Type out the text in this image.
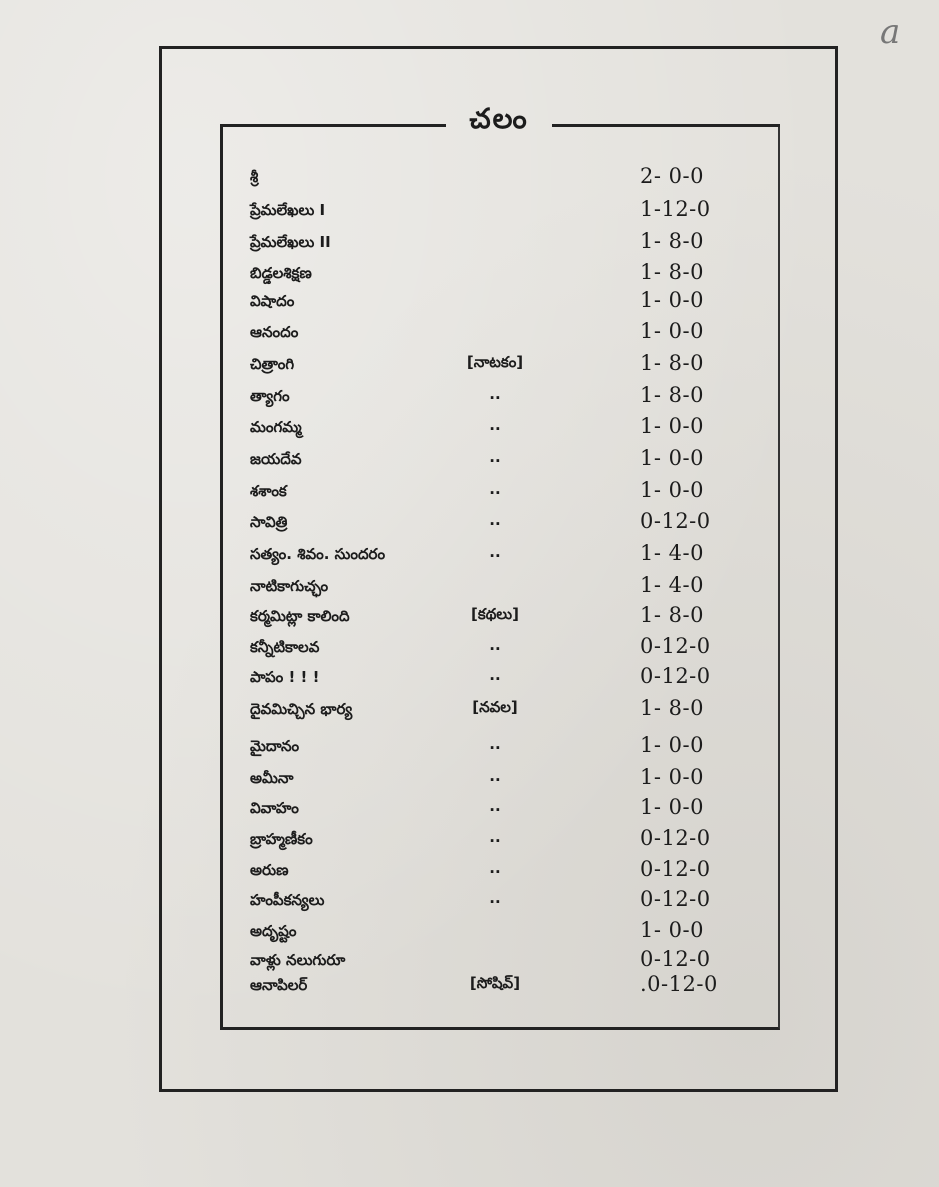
a
చలం
శ్రీ	2- 0-0
ప్రేమలేఖలు I	1-12-0
ప్రేమలేఖలు II	1- 8-0
బిడ్డలశిక్షణ	1- 8-0
విషాదం	1- 0-0
ఆనందం	1- 0-0
చిత్రాంగి	[నాటకం]	1- 8-0
త్యాగం	..	1- 8-0
మంగమ్మ	..	1- 0-0
జయదేవ	..	1- 0-0
శశాంక	..	1- 0-0
సావిత్రి	..	0-12-0
సత్యం. శివం. సుందరం	..	1- 4-0
నాటికాగుచ్ఛం	1- 4-0
కర్మమిట్లా కాలింది	[కథలు]	1- 8-0
కన్నీటికాలవ	..	0-12-0
పాపం ! ! !	..	0-12-0
దైవమిచ్చిన భార్య	[నవల]	1- 8-0
మైదానం	..	1- 0-0
అమీనా	..	1- 0-0
వివాహం	..	1- 0-0
బ్రాహ్మణీకం	..	0-12-0
అరుణ	..	0-12-0
హంపీకన్యలు	..	0-12-0
అదృష్టం	1- 0-0
వాళ్లు నలుగురూ	0-12-0
ఆనాపిలర్	[సోషివ్]	.0-12-0
